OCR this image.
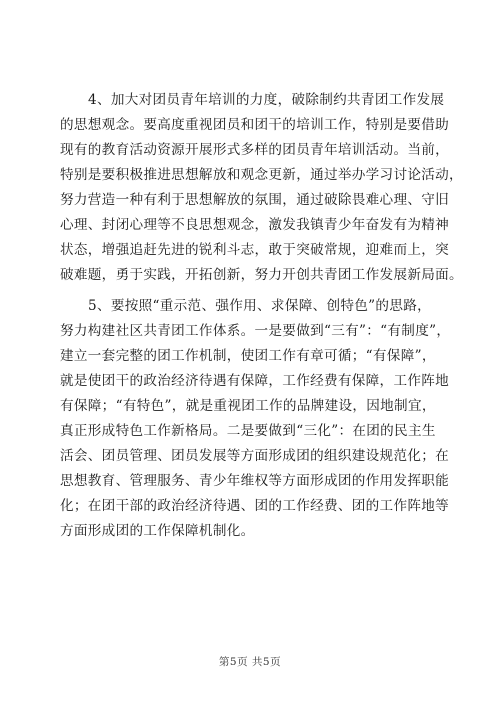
4、加大对团员青年培训的力度，破除制约共青团工作发展
的思想观念。要高度重视团员和团干的培训工作，特别是要借助
现有的教育活动资源开展形式多样的团员青年培训活动。当前，
特别是要积极推进思想解放和观念更新，通过举办学习讨论活动，
努力营造一种有利于思想解放的氛围，通过破除畏难心理、守旧
心理、封闭心理等不良思想观念，激发我镇青少年奋发有为精神
状态，增强追赶先进的锐利斗志，敢于突破常规，迎难而上，突
破难题，勇于实践，开拓创新，努力开创共青团工作发展新局面。

5、要按照“重示范、强作用、求保障、创特色”的思路，
努力构建社区共青团工作体系。一是要做到“三有”：“有制度”，
建立一套完整的团工作机制，使团工作有章可循；“有保障”，
就是使团干的政治经济待遇有保障，工作经费有保障，工作阵地
有保障；“有特色”，就是重视团工作的品牌建设，因地制宜，
真正形成特色工作新格局。二是要做到“三化”：在团的民主生
活会、团员管理、团员发展等方面形成团的组织建设规范化；在
思想教育、管理服务、青少年维权等方面形成团的作用发挥职能
化；在团干部的政治经济待遇、团的工作经费、团的工作阵地等
方面形成团的工作保障机制化。

第5页 共5页
